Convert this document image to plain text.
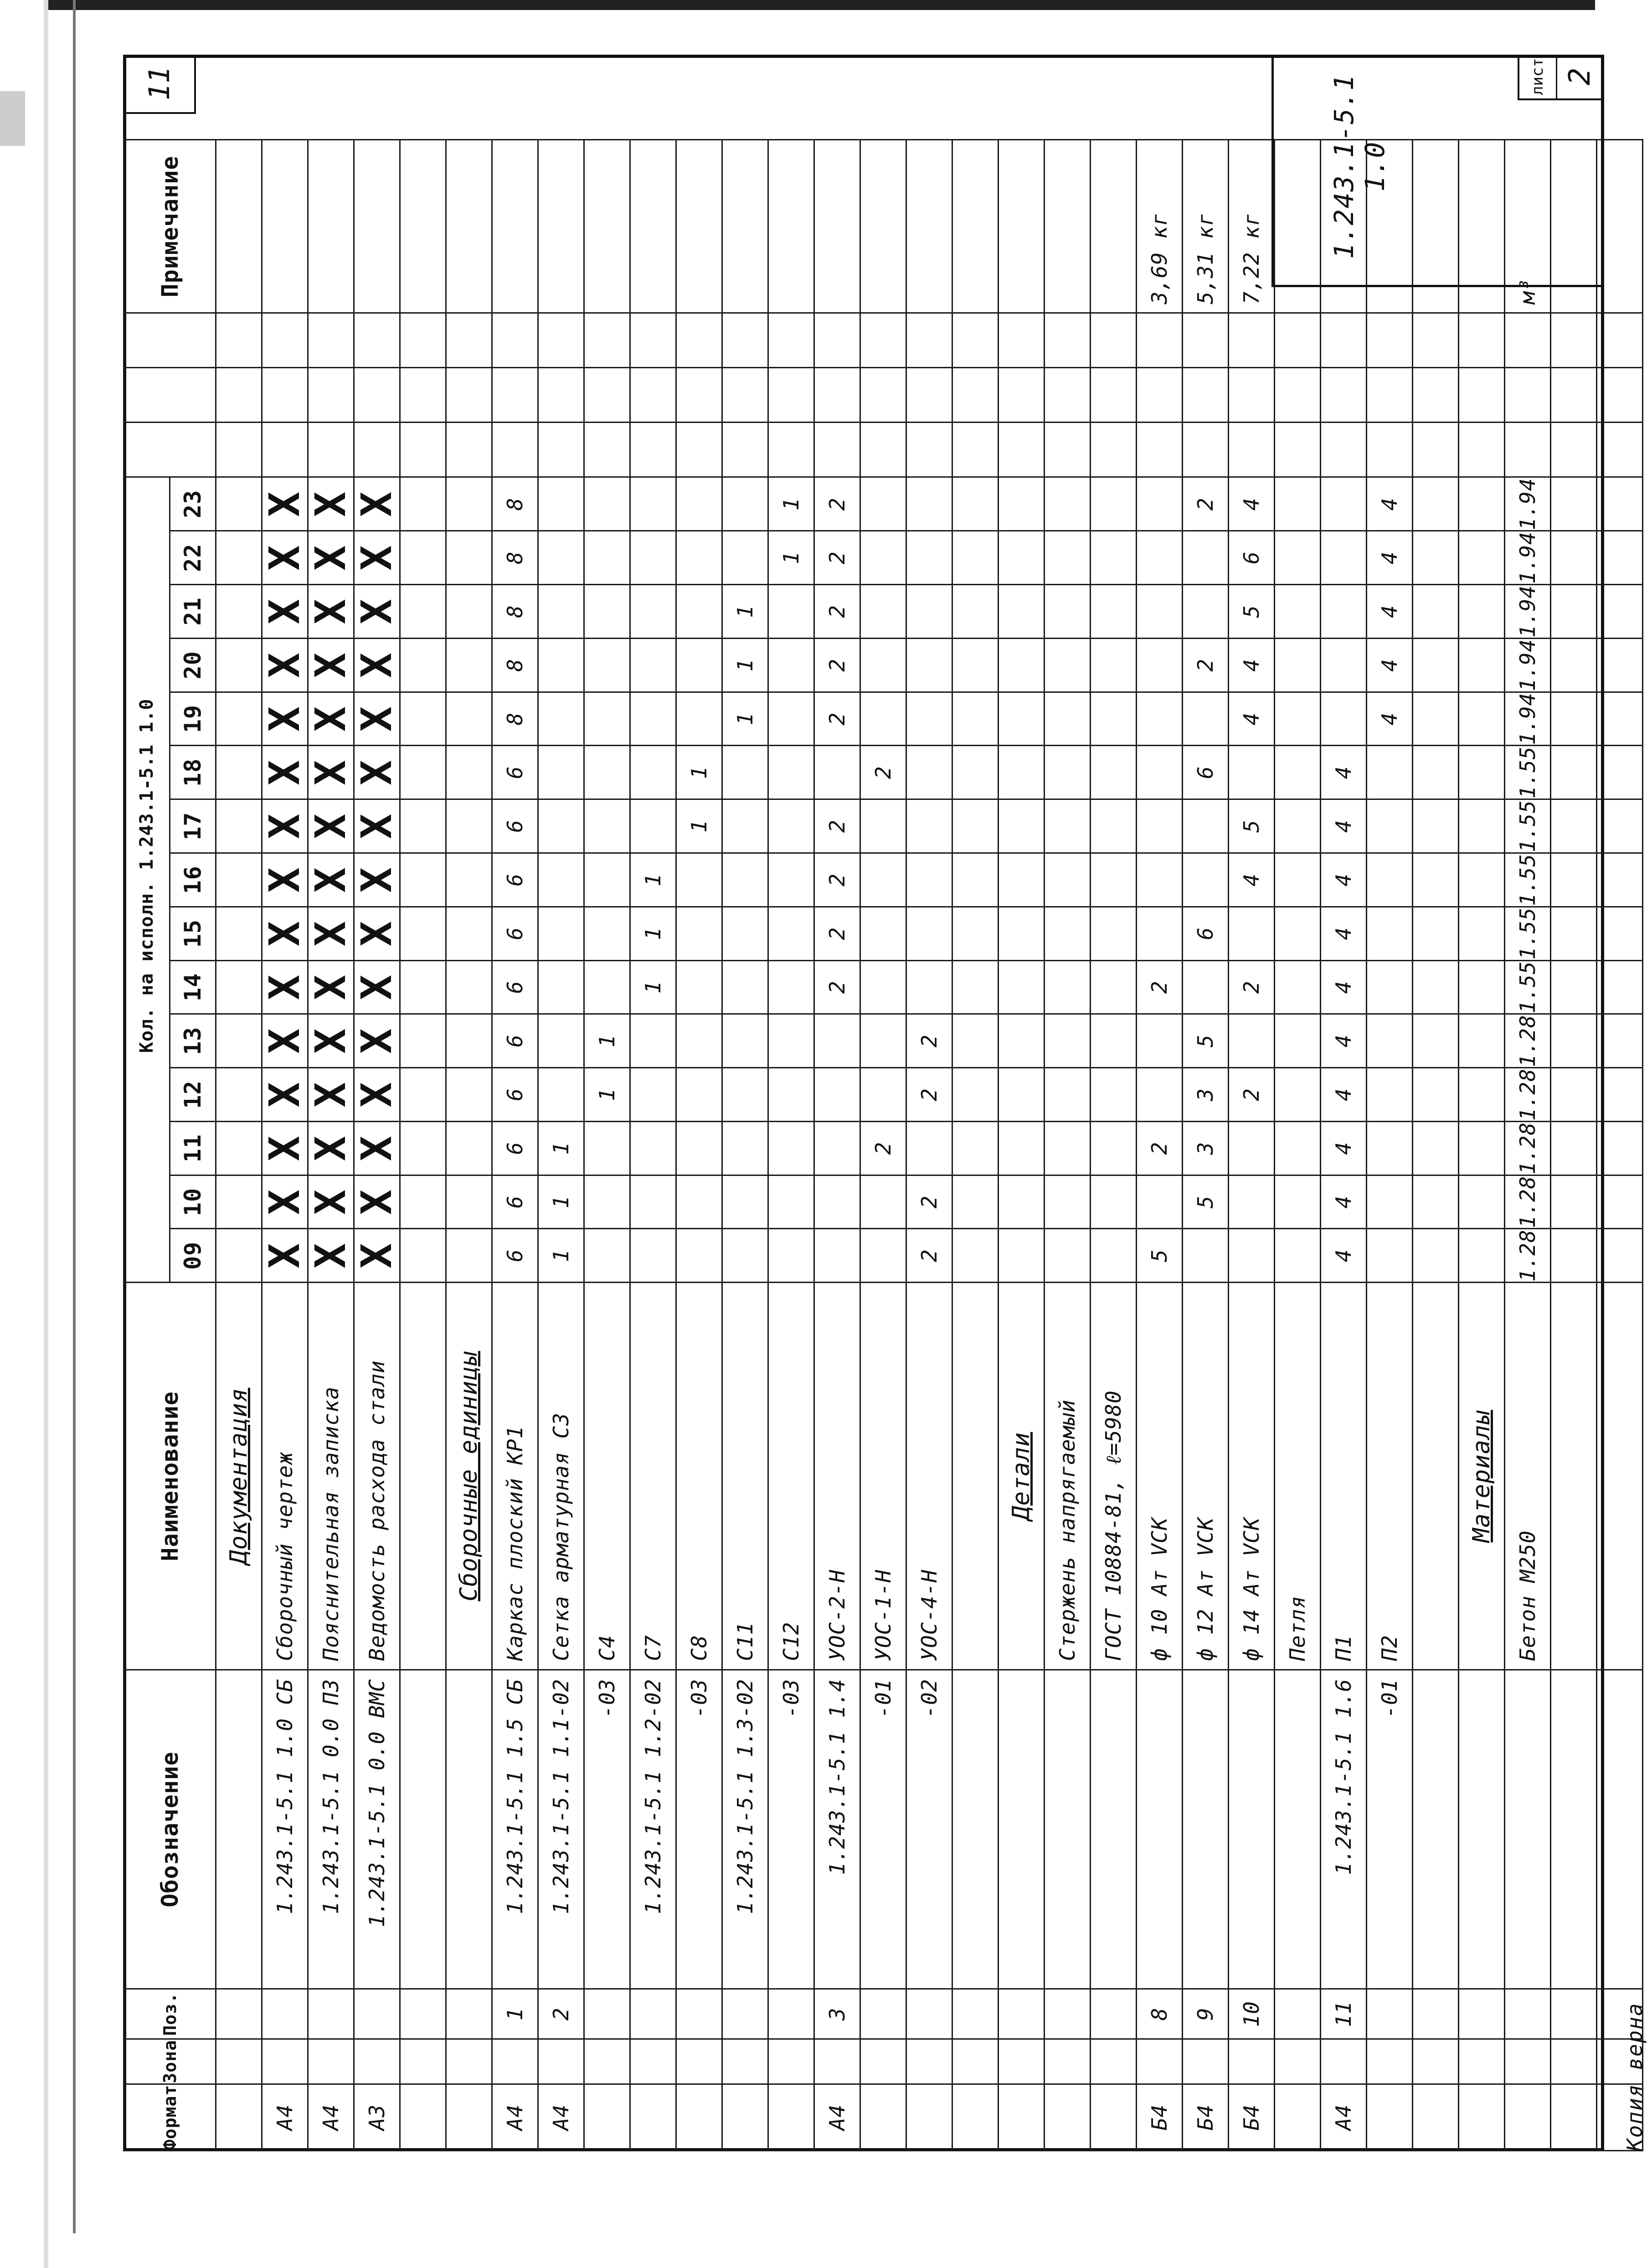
Формат	Зона	Поз.	Обозначение	Наименование	Кол. на исполн. 1.243.1-5.1 1.0																		Примечание
					09	10	11	12	13	14	15	16	17	18	19	20	21	22	23				
				Документация																			
А4			1.243.1-5.1 1.0 СБ	Сборочный чертеж	X	X	X	X	X	X	X	X	X	X	X	X	X	X	X				
А4			1.243.1-5.1 0.0 ПЗ	Пояснительная записка	X	X	X	X	X	X	X	X	X	X	X	X	X	X	X				
А3			1.243.1-5.1 0.0 ВМС	Ведомость расхода стали	X	X	X	X	X	X	X	X	X	X	X	X	X	X	X				

				Сборочные единицы																			
А4		1	1.243.1-5.1 1.5 СБ	Каркас плоский КР1	6	6	6	6	6	6	6	6	6	6	8	8	8	8	8				
А4		2	1.243.1-5.1 1.1-02	Сетка арматурная С3	1	1	1																
			-03	С4				1	1														
			1.243.1-5.1 1.2-02	С7						1	1	1											
			-03	С8									1	1									
			1.243.1-5.1 1.3-02	С11											1	1	1						
			-03	С12														1	1				
А4		3	1.243.1-5.1 1.4	УОС-2-Н						2	2	2	2		2	2	2	2	2				
			-01	УОС-1-Н			2							2									
			-02	УОС-4-Н	2	2		2	2														

				Детали																			
				Стержень напрягаемый																			
				ГОСТ 10884-81, ℓ=5980																			
Б4		8		ф 10 Ат VСК	5		2			2													3,69 кг
Б4		9		ф 12 Ат VСК		5	3	3	5		6			6		2			2				5,31 кг
Б4		10		ф 14 Ат VСК				2		2		4	5		4	4	5	6	4				7,22 кг
				Петля																			
А4		11	1.243.1-5.1 1.6	П1	4	4	4	4	4	4	4	4	4	4									
			-01	П2											4	4	4	4	4				

				Материалы																			
				Бетон М250	1.28	1.28	1.28	1.28	1.28	1.55	1.55	1.55	1.55	1.55	1.94	1.94	1.94	1.94	1.94				м³

1.243.1-5.1 1.0
лист 2
11
Копия верна
